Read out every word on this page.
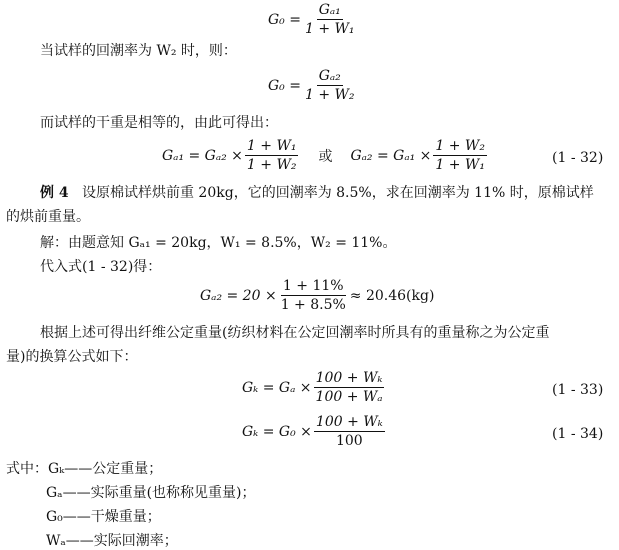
$G_0 = \frac{\text{Gₐ₁}}{\text{1 + W₁}}$
当试样的回潮率为 W₂ 时，则：
$G_0 = \frac{\text{Gₐ₂}}{\text{1 + W₂}}$
而试样的干重是相等的，由此可得出：
$G_{a1} = G_{a2} \times \frac{\text{1 + W₁}}{\text{1 + W₂}}$ 或 $G_{a2} = G_{a1} \times \frac{\text{1 + W₂}}{\text{1 + W₁}}$	(1 - 32)
例 4 设原棉试样烘前重 20kg，它的回潮率为 8.5%，求在回潮率为 11% 时，原棉试样
的烘前重量。
解：由题意知 Gₐ₁ = 20kg，W₁ = 8.5%，W₂ = 11%。
代入式(1 - 32)得：
$G_{a2} = 20 \times \frac{1 + 11\%}{1 + 8.5\%} \approx 20.46(kg)$
根据上述可得出纤维公定重量(纺织材料在公定回潮率时所具有的重量称之为公定重
量)的换算公式如下：
$G_k = G_a \times \frac{\text{100 + Wₖ}}{\text{100 + Wₐ}}$	(1 - 33)
$G_k = G_0 \times \frac{\text{100 + Wₖ}}{100}$	(1 - 34)
式中：Gₖ——公定重量；
Gₐ——实际重量(也称称见重量)；
G₀——干燥重量；
Wₐ——实际回潮率；
